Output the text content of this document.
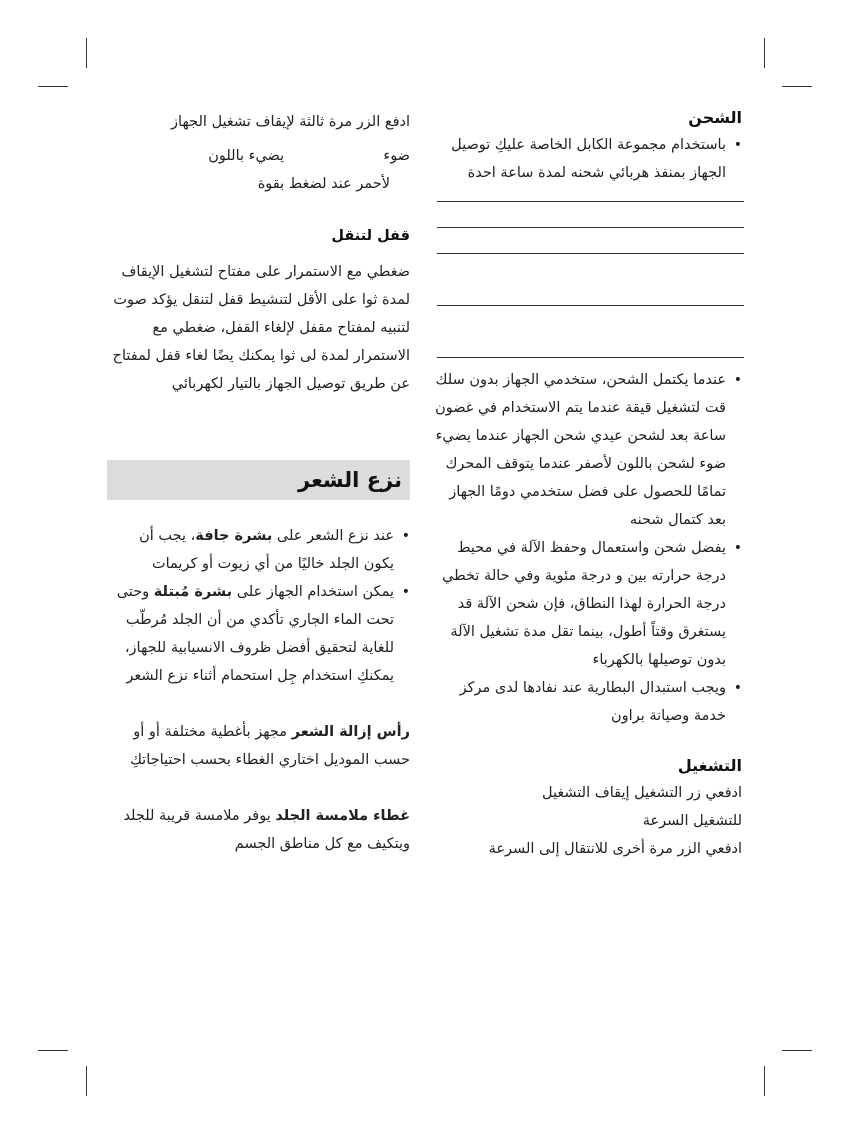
الشحن
• باستخدام مجموعة الكابل الخاصة عليكِ توصيل الجهاز بمنفذ هربائي شحنه لمدة ساعة احدة
• عندما يكتمل الشحن، ستخدمي الجهاز بدون سلك قت لتشغيل قيقة عندما يتم الاستخدام في غضون ساعة بعد لشحن عيدي شحن الجهاز عندما يضيء ضوء لشحن باللون لأصفر عندما يتوقف المحرك تمامًا للحصول على فضل ستخدمي دومًا الجهاز بعد كتمال شحنه
• يفضل شحن واستعمال وحفظ الآلة في محيط درجة حرارته بين و درجة مئوية وفي حالة تخطي درجة الحرارة لهذا النطاق، فإن شحن الآلة قد يستغرق وقتاً أطول، بينما تقل مدة تشغيل الآلة بدون توصيلها بالكهرباء
• ويجب استبدال البطارية عند نفادها لدى مركز خدمة وصيانة براون
التشغيل

ادفعي زر التشغيل إيقاف التشغيل

للتشغيل السرعة

ادفعي الزر مرة أخرى للانتقال إلى السرعة

ادفع الزر مرة ثالثة لإيقاف تشغيل الجهاز

ضوء  يضيء باللون

لأحمر عند لضغط بقوة

قفل لتنقل

ضغطي مع الاستمرار على مفتاح لتشغيل الإيقاف لمدة ثوا على الأقل لتنشيط قفل لتنقل يؤكد صوت لتنبيه لمفتاح مقفل لإلغاء القفل، ضغطي مع الاستمرار لمدة لى ثوا يمكنك يضًا لغاء قفل لمفتاح عن طريق توصيل الجهاز بالتيار لكهربائي

نزع الشعر
• عند نزع الشعر على بشرة جافة، يجب أن يكون الجلد خاليًا من أي زيوت أو كريمات
• يمكن استخدام الجهاز على بشرة مُبتلة وحتى تحت الماء الجاري تأكدي من أن الجلد مُرطّب للغاية لتحقيق أفضل ظروف الانسيابية للجهاز، يمكنكِ استخدام جِل استحمام أثناء نزع الشعر

رأس إزالة الشعر مجهز بأغطية مختلفة أو أو حسب الموديل اختاري الغطاء بحسب احتياجاتكِ

غطاء ملامسة الجلد يوفر ملامسة قريبة للجلد ويتكيف مع كل مناطق الجسم
